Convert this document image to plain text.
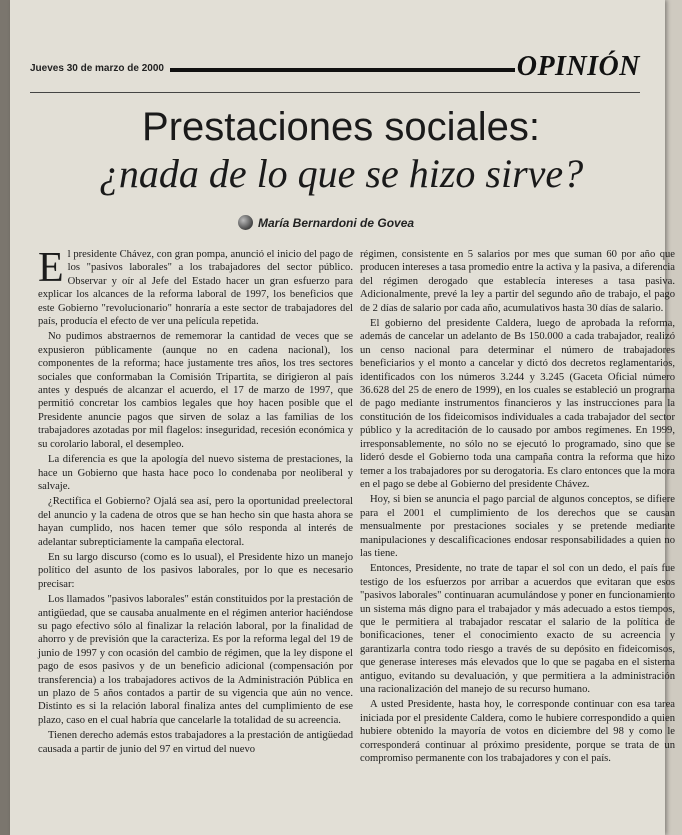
Jueves 30 de marzo de 2000	OPINIÓN
Prestaciones sociales:
¿nada de lo que se hizo sirve?
María Bernardoni de Govea

El presidente Chávez, con gran pompa, anunció el inicio del pago de los "pasivos laborales" a los trabajadores del sector público. Observar y oír al Jefe del Estado hacer un gran esfuerzo para explicar los alcances de la reforma laboral de 1997, los beneficios que este Gobierno "revolucionario" honraría a este sector de trabajadores del país, producía el efecto de ver una película repetida.

No pudimos abstraernos de rememorar la cantidad de veces que se expusieron públicamente (aunque no en cadena nacional), los componentes de la reforma; hace justamente tres años, los tres sectores sociales que conformaban la Comisión Tripartita, se dirigieron al país antes y después de alcanzar el acuerdo, el 17 de marzo de 1997, que permitió concretar los cambios legales que hoy hacen posible que el Presidente anuncie pagos que sirven de solaz a las familias de los trabajadores azotadas por mil flagelos: inseguridad, recesión económica y su corolario laboral, el desempleo.

La diferencia es que la apología del nuevo sistema de prestaciones, la hace un Gobierno que hasta hace poco lo condenaba por neoliberal y salvaje.

¿Rectifica el Gobierno? Ojalá sea así, pero la oportunidad preelectoral del anuncio y la cadena de otros que se han hecho sin que hasta ahora se hayan cumplido, nos hacen temer que sólo responda al interés de adelantar subrepticiamente la campaña electoral.

En su largo discurso (como es lo usual), el Presidente hizo un manejo político del asunto de los pasivos laborales, por lo que es necesario precisar:

Los llamados "pasivos laborales" están constituidos por la prestación de antigüedad, que se causaba anualmente en el régimen anterior haciéndose su pago efectivo sólo al finalizar la relación laboral, por la finalidad de ahorro y de previsión que la caracteriza. Es por la reforma legal del 19 de junio de 1997 y con ocasión del cambio de régimen, que la ley dispone el pago de esos pasivos y de un beneficio adicional (compensación por transferencia) a los trabajadores activos de la Administración Pública en un plazo de 5 años contados a partir de su vigencia que aún no vence. Distinto es si la relación laboral finaliza antes del cumplimiento de ese plazo, caso en el cual habría que cancelarle la totalidad de su acreencia.

Tienen derecho además estos trabajadores a la prestación de antigüedad causada a partir de junio del 97 en virtud del nuevo

régimen, consistente en 5 salarios por mes que suman 60 por año que producen intereses a tasa promedio entre la activa y la pasiva, a diferencia del régimen derogado que establecía intereses a tasa pasiva. Adicionalmente, prevé la ley a partir del segundo año de trabajo, el pago de 2 días de salario por cada año, acumulativos hasta 30 días de salario.

El gobierno del presidente Caldera, luego de aprobada la reforma, además de cancelar un adelanto de Bs 150.000 a cada trabajador, realizó un censo nacional para determinar el número de trabajadores beneficiarios y el monto a cancelar y dictó dos decretos reglamentarios, identificados con los números 3.244 y 3.245 (Gaceta Oficial número 36.628 del 25 de enero de 1999), en los cuales se estableció un programa de pago mediante instrumentos financieros y las instrucciones para la constitución de los fideicomisos individuales a cada trabajador del sector público y la acreditación de lo causado por ambos regímenes. En 1999, irresponsablemente, no sólo no se ejecutó lo programado, sino que se lideró desde el Gobierno toda una campaña contra la reforma que hizo temer a los trabajadores por su derogatoria. Es claro entonces que la mora en el pago se debe al Gobierno del presidente Chávez.

Hoy, si bien se anuncia el pago parcial de algunos conceptos, se difiere para el 2001 el cumplimiento de los derechos que se causan mensualmente por prestaciones sociales y se pretende mediante manipulaciones y descalificaciones endosar responsabilidades a quien no las tiene.

Entonces, Presidente, no trate de tapar el sol con un dedo, el país fue testigo de los esfuerzos por arribar a acuerdos que evitaran que esos "pasivos laborales" continuaran acumulándose y poner en funcionamiento un sistema más digno para el trabajador y más adecuado a estos tiempos, que le permitiera al trabajador rescatar el salario de la política de bonificaciones, tener el conocimiento exacto de su acreencia y garantizarla contra todo riesgo a través de su depósito en fideicomisos, que generase intereses más elevados que lo que se pagaba en el sistema antiguo, evitando su devaluación, y que permitiera a la administración una racionalización del manejo de su recurso humano.

A usted Presidente, hasta hoy, le corresponde continuar con esa tarea iniciada por el presidente Caldera, como le hubiere correspondido a quien hubiere obtenido la mayoría de votos en diciembre del 98 y como le corresponderá continuar al próximo presidente, porque se trata de un compromiso permanente con los trabajadores y con el país.
